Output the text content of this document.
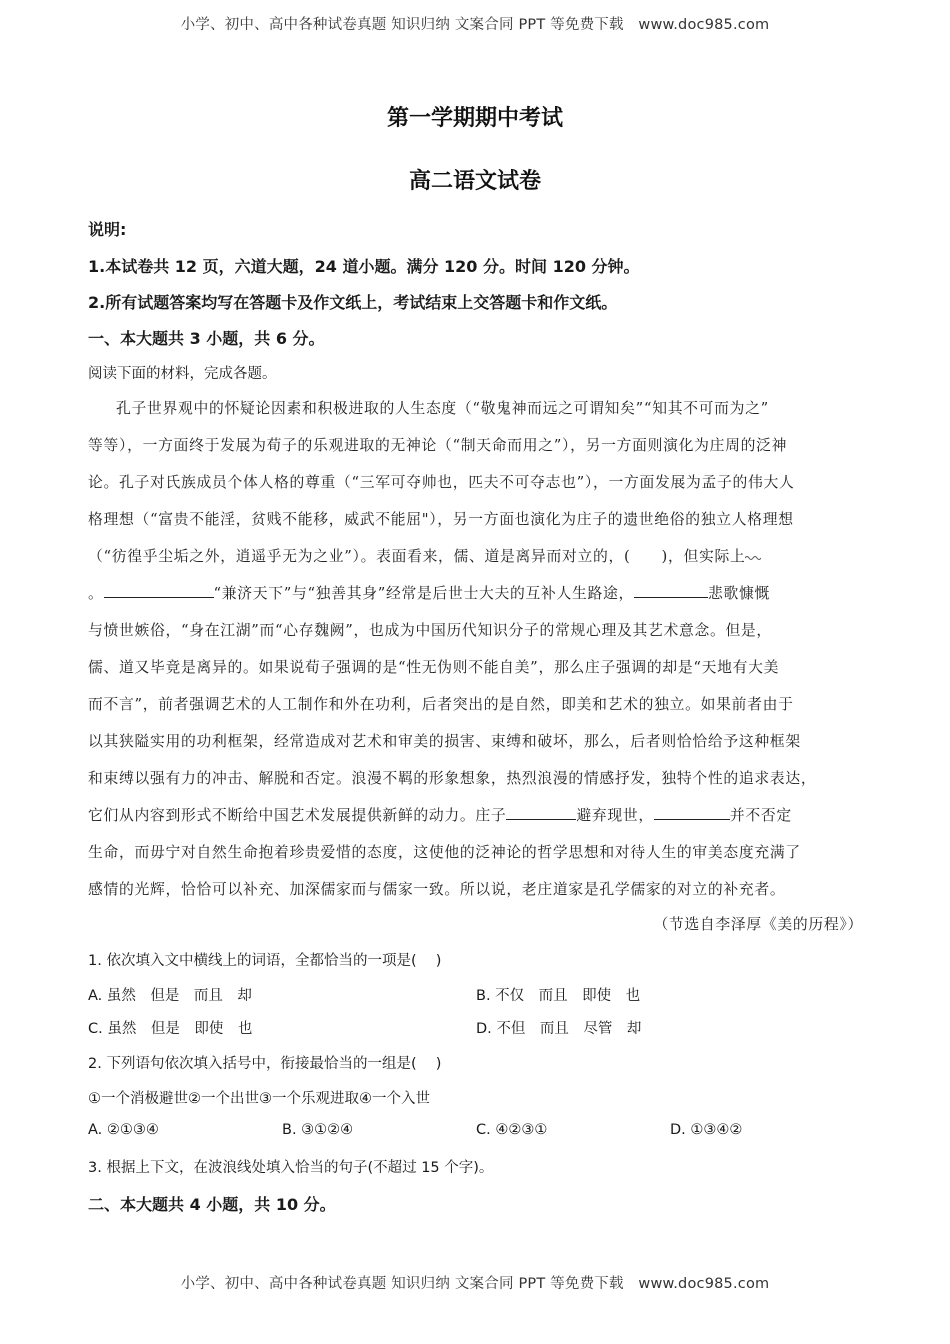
小学、初中、高中各种试卷真题 知识归纳 文案合同 PPT 等免费下载　www.doc985.com
第一学期期中考试
高二语文试卷
说明:
1.本试卷共 12 页，六道大题，24 道小题。满分 120 分。时间 120 分钟。
2.所有试题答案均写在答题卡及作文纸上，考试结束上交答题卡和作文纸。
一、本大题共 3 小题，共 6 分。
阅读下面的材料，完成各题。
孔子世界观中的怀疑论因素和积极进取的人生态度（“敬鬼神而远之可谓知矣”“知其不可而为之”
等等），一方面终于发展为荀子的乐观进取的无神论（“制天命而用之”），另一方面则演化为庄周的泛神
论。孔子对氏族成员个体人格的尊重（“三军可夺帅也，匹夫不可夺志也”），一方面发展为孟子的伟大人
格理想（“富贵不能淫，贫贱不能移，威武不能屈"），另一方面也演化为庄子的遗世绝俗的独立人格理想
（“彷徨乎尘垢之外，逍遥乎无为之业”）。表面看来，儒、道是离异而对立的，(　　)，但实际上
。	“兼济天下”与“独善其身”经常是后世士大夫的互补人生路途，	悲歌慷慨
与愤世嫉俗，“身在江湖”而“心存魏阙”，也成为中国历代知识分子的常规心理及其艺术意念。但是，
儒、道又毕竟是离异的。如果说荀子强调的是“性无伪则不能自美”，那么庄子强调的却是“天地有大美
而不言”，前者强调艺术的人工制作和外在功利，后者突出的是自然，即美和艺术的独立。如果前者由于
以其狭隘实用的功利框架，经常造成对艺术和审美的损害、束缚和破坏，那么，后者则恰恰给予这种框架
和束缚以强有力的冲击、解脱和否定。浪漫不羁的形象想象，热烈浪漫的情感抒发，独特个性的追求表达，
它们从内容到形式不断给中国艺术发展提供新鲜的动力。庄子	避弃现世，	并不否定
生命，而毋宁对自然生命抱着珍贵爱惜的态度，这使他的泛神论的哲学思想和对待人生的审美态度充满了
感情的光辉，恰恰可以补充、加深儒家而与儒家一致。所以说，老庄道家是孔学儒家的对立的补充者。
（节选自李泽厚《美的历程》）
1. 依次填入文中横线上的词语，全都恰当的一项是(　 )
A. 虽然　但是　而且　却	B. 不仅　而且　即使　也
C. 虽然　但是　即使　也	D. 不但　而且　尽管　却
2. 下列语句依次填入括号中，衔接最恰当的一组是(　 )
①一个消极避世②一个出世③一个乐观进取④一个入世
A. ②①③④	B. ③①②④	C. ④②③①	D. ①③④②
3. 根据上下文，在波浪线处填入恰当的句子(不超过 15 个字)。
二、本大题共 4 小题，共 10 分。
小学、初中、高中各种试卷真题 知识归纳 文案合同 PPT 等免费下载　www.doc985.com
